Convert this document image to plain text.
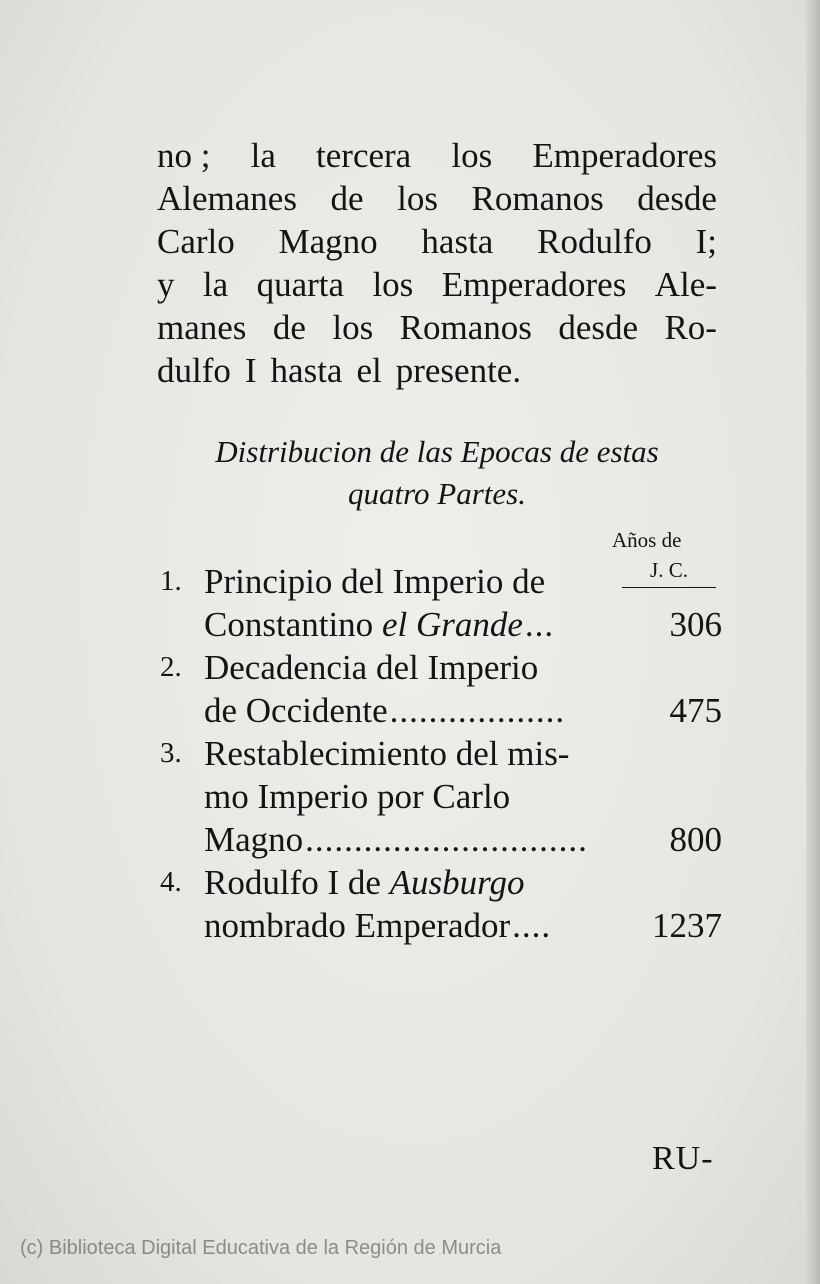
no ; la tercera los Emperadores
Alemanes de los Romanos desde
Carlo Magno hasta Rodulfo I;
y la quarta los Emperadores Ale-
manes de los Romanos desde Ro-
dulfo I hasta el presente.
Distribucion de las Epocas de estas
quatro Partes.
Años de
J. C.
1. Principio del Imperio de
Constantino
el Grande ...	306
2. Decadencia del Imperio
de Occidente ..................	475
3. Restablecimiento del mis-
mo Imperio por Carlo
Magno .............................	800
4. Rodulfo I de
Ausburgo
nombrado Emperador ....	1237
RU-
(c) Biblioteca Digital Educativa de la Región de Murcia
